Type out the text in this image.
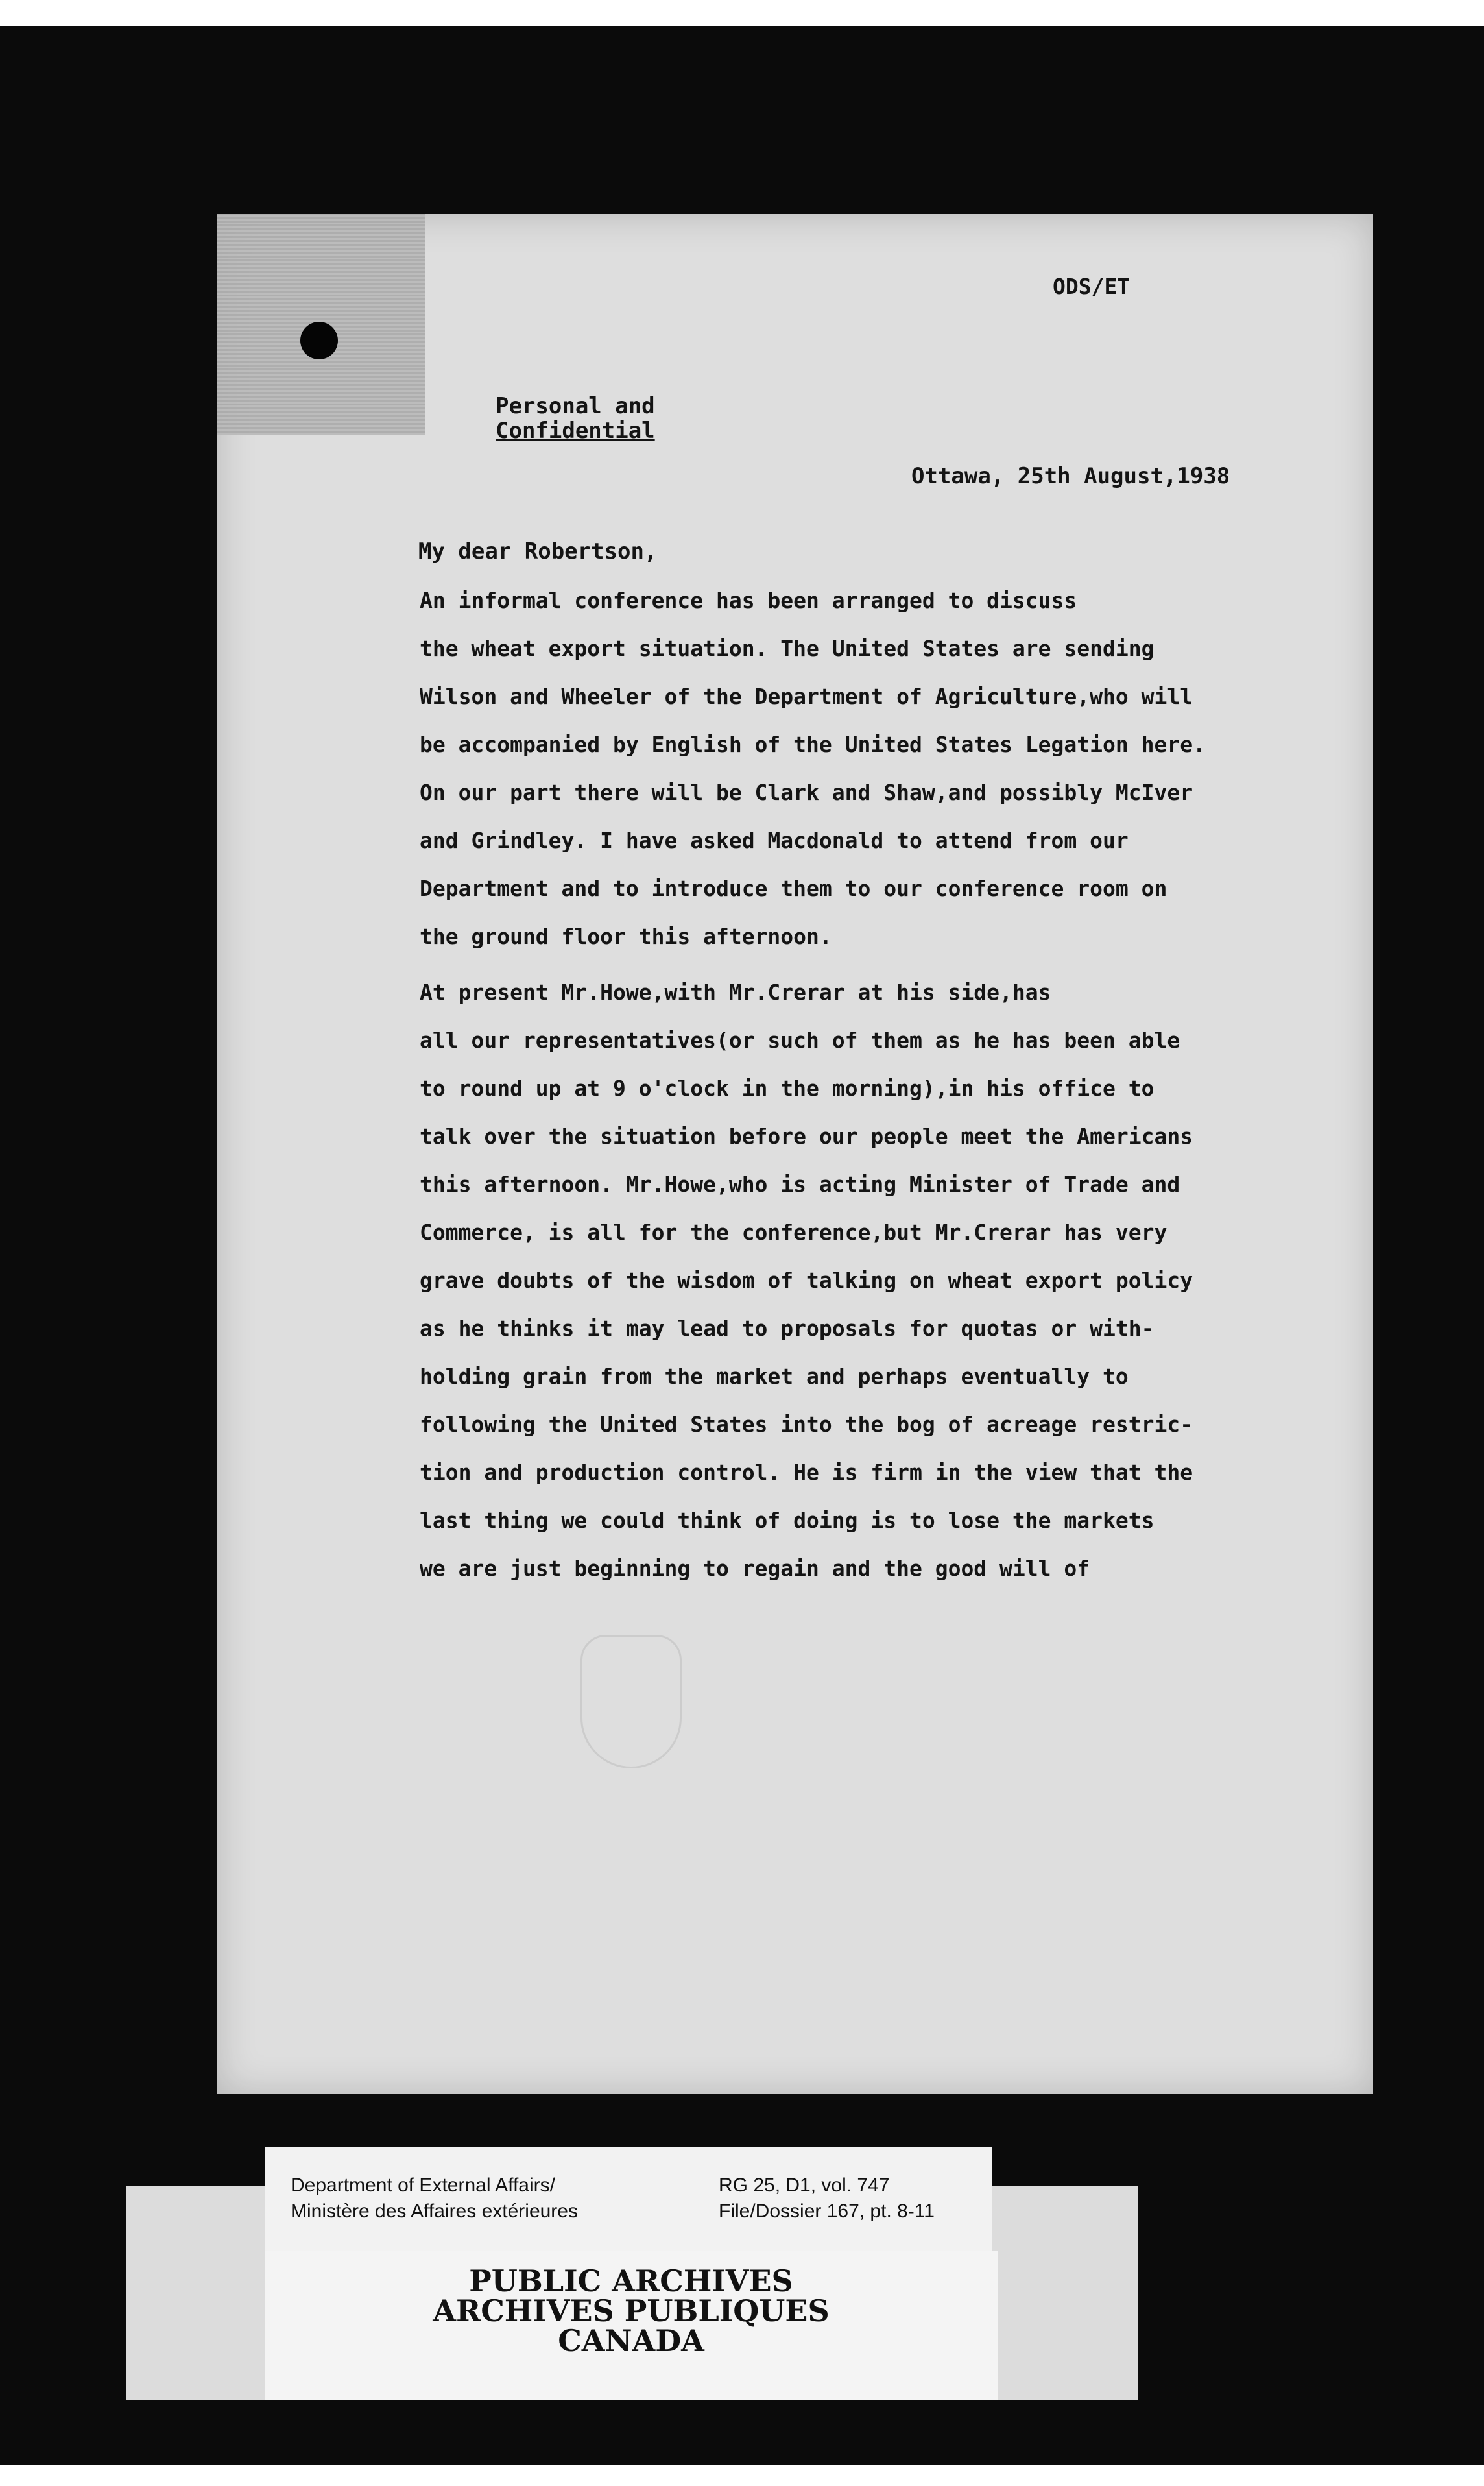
ODS/ET
Personal and
Confidential
Ottawa, 25th August,1938
My dear Robertson,
An informal conference has been arranged to discuss
the wheat export situation. The United States are sending
Wilson and Wheeler of the Department of Agriculture,who will
be accompanied by English of the United States Legation here.
On our part there will be Clark and Shaw,and possibly McIver
and Grindley. I have asked Macdonald to attend from our
Department and to introduce them to our conference room on
the ground floor this afternoon.
At present Mr.Howe,with Mr.Crerar at his side,has
all our representatives(or such of them as he has been able
to round up at 9 o'clock in the morning),in his office to
talk over the situation before our people meet the Americans
this afternoon. Mr.Howe,who is acting Minister of Trade and
Commerce, is all for the conference,but Mr.Crerar has very
grave doubts of the wisdom of talking on wheat export policy
as he thinks it may lead to proposals for quotas or with-
holding grain from the market and perhaps eventually to
following the United States into the bog of acreage restric-
tion and production control. He is firm in the view that the
last thing we could think of doing is to lose the markets
we are just beginning to regain and the good will of
PUBLIC ARCHIVES
ARCHIVES PUBLIQUES
CANADA
Department of External Affairs/
Ministère des Affaires extérieures
RG 25, D1, vol. 747
File/Dossier 167, pt. 8-11
